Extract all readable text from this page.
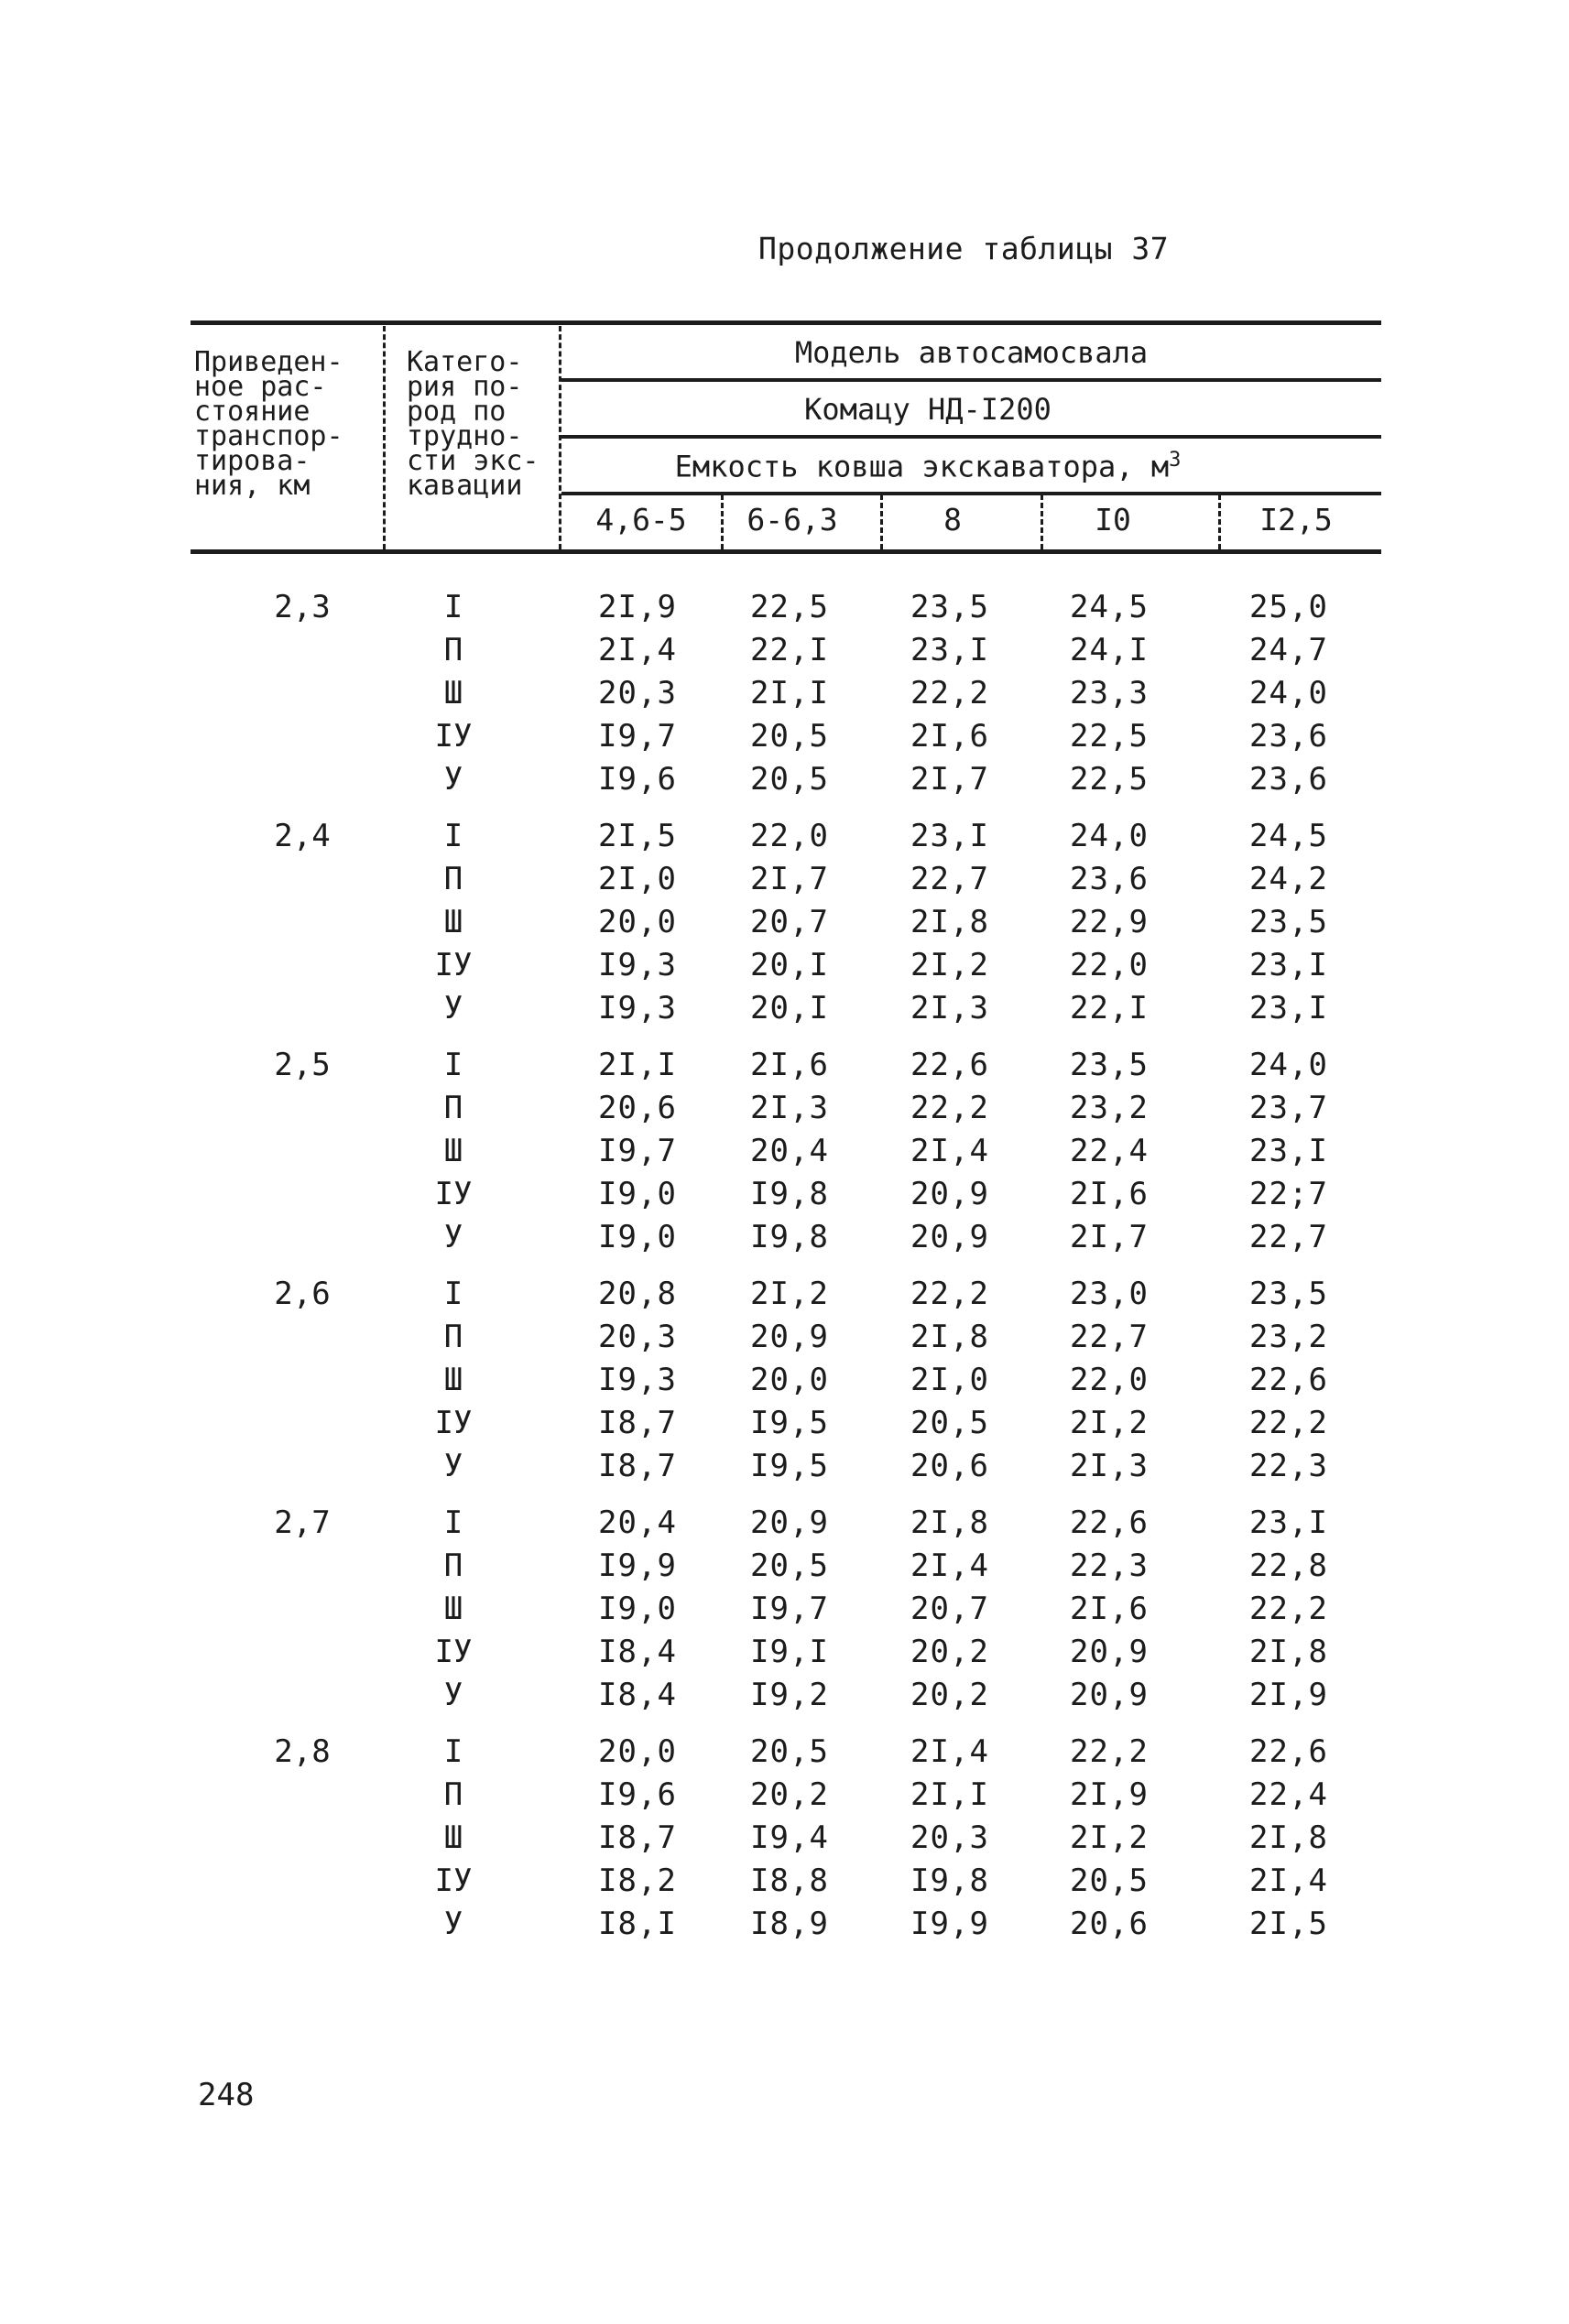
Продолжение таблицы 37
Приведен-
ное рас-
стояние
транспор-
тирова-
ния, км
Катего-
рия по-
род по
трудно-
сти экс-
кавации
Модель автосамосвала
Комацу НД-I200
Емкость ковша экскаватора, $м^3$
4,6-5	6-6,3	8	I0	I2,5
2,3	I	2I,9	22,5	23,5	24,5	25,0
П	2I,4	22,I	23,I	24,I	24,7
Ш	20,3	2I,I	22,2	23,3	24,0
ІУ	I9,7	20,5	2I,6	22,5	23,6
У	I9,6	20,5	2I,7	22,5	23,6
2,4	I	2I,5	22,0	23,I	24,0	24,5
П	2I,0	2I,7	22,7	23,6	24,2
Ш	20,0	20,7	2I,8	22,9	23,5
ІУ	I9,3	20,I	2I,2	22,0	23,I
У	I9,3	20,I	2I,3	22,I	23,I
2,5	I	2I,I	2I,6	22,6	23,5	24,0
П	20,6	2I,3	22,2	23,2	23,7
Ш	I9,7	20,4	2I,4	22,4	23,I
ІУ	I9,0	I9,8	20,9	2I,6	22;7
У	I9,0	I9,8	20,9	2I,7	22,7
2,6	I	20,8	2I,2	22,2	23,0	23,5
П	20,3	20,9	2I,8	22,7	23,2
Ш	I9,3	20,0	2I,0	22,0	22,6
ІУ	I8,7	I9,5	20,5	2I,2	22,2
У	I8,7	I9,5	20,6	2I,3	22,3
2,7	I	20,4	20,9	2I,8	22,6	23,I
П	I9,9	20,5	2I,4	22,3	22,8
Ш	I9,0	I9,7	20,7	2I,6	22,2
ІУ	I8,4	I9,I	20,2	20,9	2I,8
У	I8,4	I9,2	20,2	20,9	2I,9
2,8	I	20,0	20,5	2I,4	22,2	22,6
П	I9,6	20,2	2I,I	2I,9	22,4
Ш	I8,7	I9,4	20,3	2I,2	2I,8
ІУ	I8,2	I8,8	I9,8	20,5	2I,4
У	I8,I	I8,9	I9,9	20,6	2I,5
248
